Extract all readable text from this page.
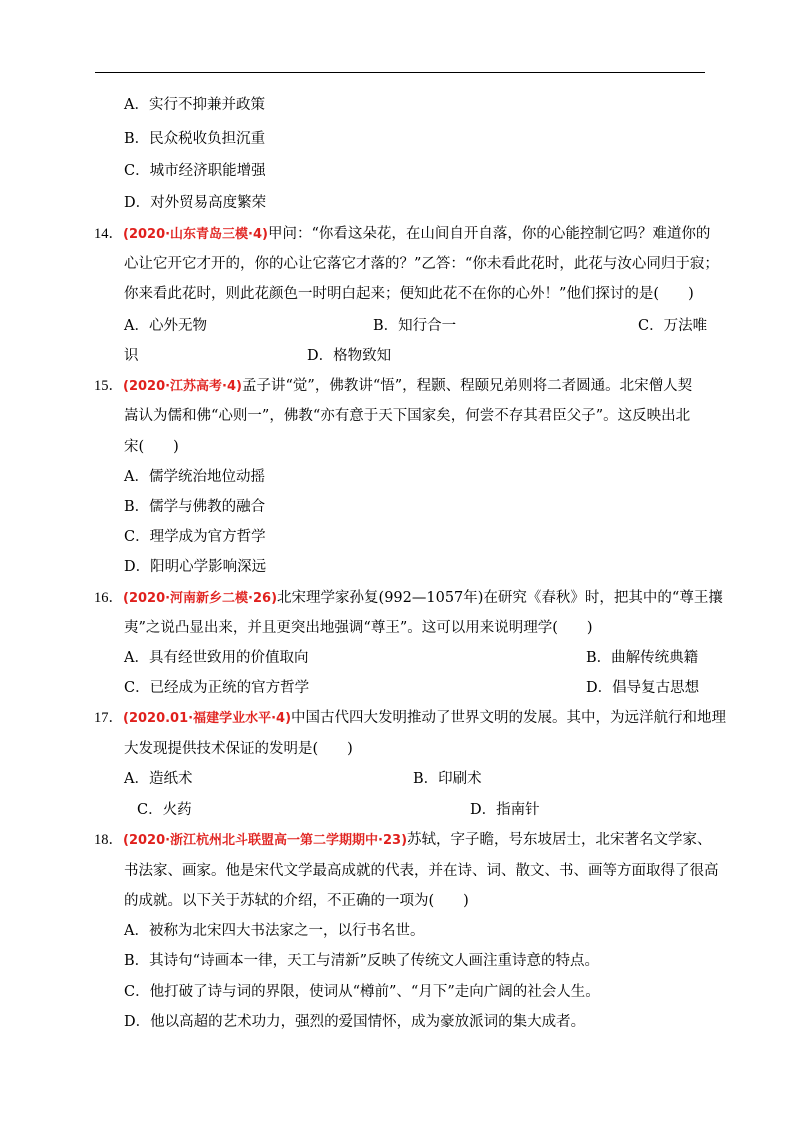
A．实行不抑兼并政策
B．民众税收负担沉重
C．城市经济职能增强
D．对外贸易高度繁荣
14．(2020·山东青岛三模·4)甲问：“你看这朵花，在山间自开自落，你的心能控制它吗？难道你的
心让它开它才开的，你的心让它落它才落的？”乙答：“你未看此花时，此花与汝心同归于寂；
你来看此花时，则此花颜色一时明白起来；便知此花不在你的心外！”他们探讨的是(　　)
A．心外无物	B．知行合一	C．万法唯
识	D．格物致知
15．(2020·江苏高考·4)孟子讲“觉”，佛教讲“悟”，程颢、程颐兄弟则将二者圆通。北宋僧人契
嵩认为儒和佛“心则一”，佛教“亦有意于天下国家矣，何尝不存其君臣父子”。这反映出北
宋(　　)
A．儒学统治地位动摇
B．儒学与佛教的融合
C．理学成为官方哲学
D．阳明心学影响深远
16．(2020·河南新乡二模·26)北宋理学家孙复(992—1057年)在研究《春秋》时，把其中的“尊王攘
夷”之说凸显出来，并且更突出地强调“尊王”。这可以用来说明理学(　　)
A．具有经世致用的价值取向	B．曲解传统典籍
C．已经成为正统的官方哲学	D．倡导复古思想
17．(2020.01·福建学业水平·4)中国古代四大发明推动了世界文明的发展。其中，为远洋航行和地理
大发现提供技术保证的发明是(　　)
A．造纸术	B．印刷术
C．火药	D．指南针
18．(2020·浙江杭州北斗联盟高一第二学期期中·23)苏轼，字子瞻，号东坡居士，北宋著名文学家、
书法家、画家。他是宋代文学最高成就的代表，并在诗、词、散文、书、画等方面取得了很高
的成就。以下关于苏轼的介绍，不正确的一项为(　　)
A．被称为北宋四大书法家之一，以行书名世。
B．其诗句“诗画本一律，天工与清新”反映了传统文人画注重诗意的特点。
C．他打破了诗与词的界限，使词从“樽前”、“月下”走向广阔的社会人生。
D．他以高超的艺术功力，强烈的爱国情怀，成为豪放派词的集大成者。
